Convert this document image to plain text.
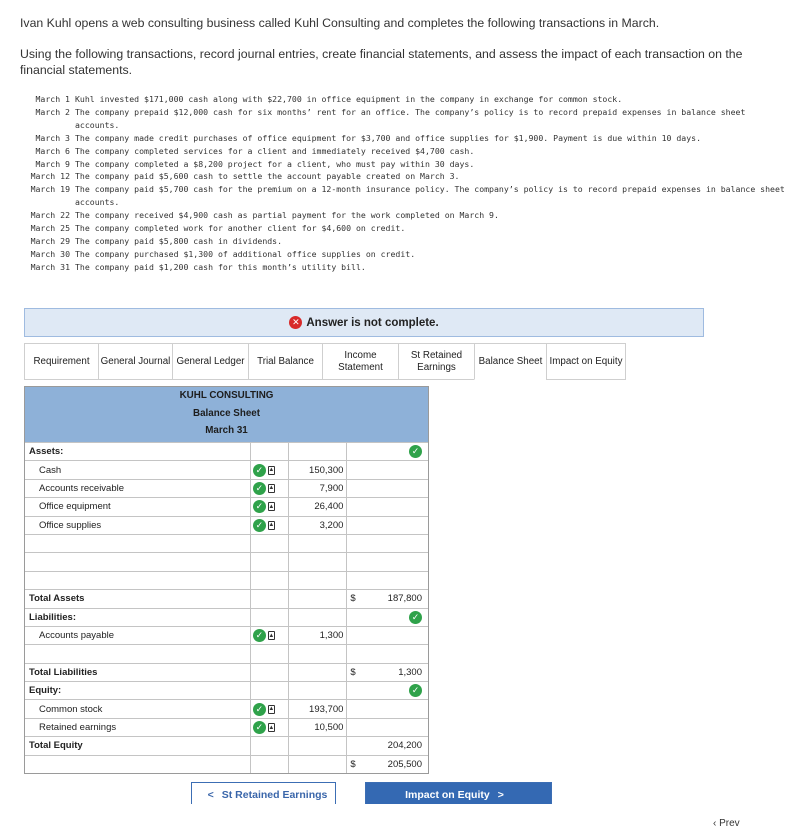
Ivan Kuhl opens a web consulting business called Kuhl Consulting and completes the following transactions in March.
Using the following transactions, record journal entries, create financial statements, and assess the impact of each transaction on the financial statements.
March 1 Kuhl invested $171,000 cash along with $22,700 in office equipment in the company in exchange for common stock.
March 2 The company prepaid $12,000 cash for six months’ rent for an office. The company’s policy is to record prepaid expenses in balance sheet accounts.
March 3 The company made credit purchases of office equipment for $3,700 and office supplies for $1,900. Payment is due within 10 days.
March 6 The company completed services for a client and immediately received $4,700 cash.
March 9 The company completed a $8,200 project for a client, who must pay within 30 days.
March 12 The company paid $5,600 cash to settle the account payable created on March 3.
March 19 The company paid $5,700 cash for the premium on a 12-month insurance policy. The company’s policy is to record prepaid expenses in balance sheet accounts.
March 22 The company received $4,900 cash as partial payment for the work completed on March 9.
March 25 The company completed work for another client for $4,600 on credit.
March 29 The company paid $5,800 cash in dividends.
March 30 The company purchased $1,300 of additional office supplies on credit.
March 31 The company paid $1,200 cash for this month’s utility bill.
✕ Answer is not complete.
Requirement General Journal General Ledger Trial Balance
Income Statement
St Retained Earnings
Balance Sheet Impact on Equity
KUHL CONSULTING
Balance Sheet
March 31
Assets:	✓
Cash	✓ ▲	150,300
Accounts receivable	✓ ▲	7,900
Office equipment	✓ ▲	26,400
Office supplies	✓ ▲	3,200
Total Assets	$	187,800
Liabilities:	✓
Accounts payable	✓ ▲	1,300
Total Liabilities	$	1,300
Equity:	✓
Common stock	✓ ▲	193,700
Retained earnings	✓ ▲	10,500
Total Equity	204,200
$	205,500
< St Retained Earnings	Impact on Equity >
‹ Prev
